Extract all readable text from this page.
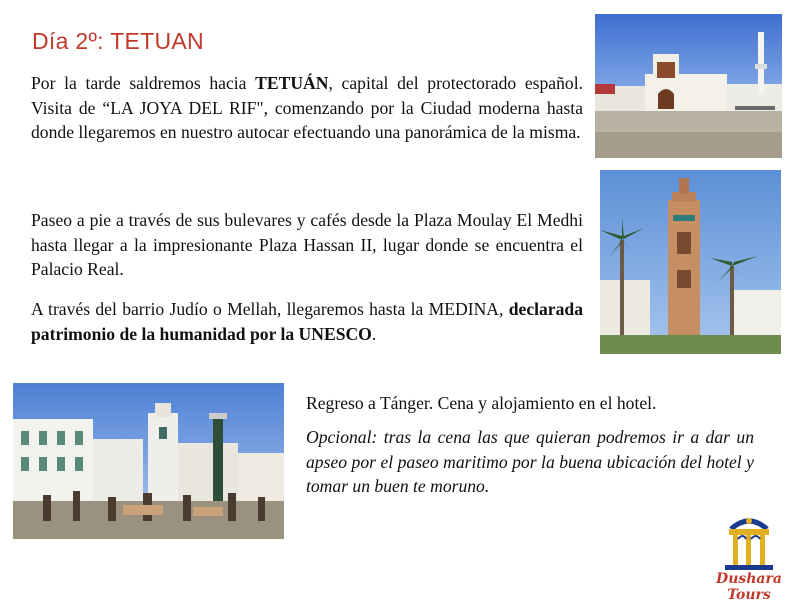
Día 2º: TETUAN
Por la tarde saldremos hacia TETUÁN, capital del protectorado español. Visita de “LA JOYA DEL RIF", comenzando por la Ciudad moderna hasta donde llegaremos en nuestro autocar efectuando una panorámica de la misma.
Paseo a pie a través de sus bulevares y cafés desde la Plaza Moulay El Medhi hasta llegar a la impresionante Plaza Hassan II, lugar donde se encuentra el Palacio Real.
A través del barrio Judío o Mellah, llegaremos hasta la MEDINA, declarada patrimonio de la humanidad por la UNESCO.
Regreso a Tánger. Cena y alojamiento en el hotel.
Opcional: tras la cena las que quieran podremos ir a dar un apseo por el paseo maritimo por la buena ubicación del hotel y tomar un buen te moruno.
Dushara Tours
